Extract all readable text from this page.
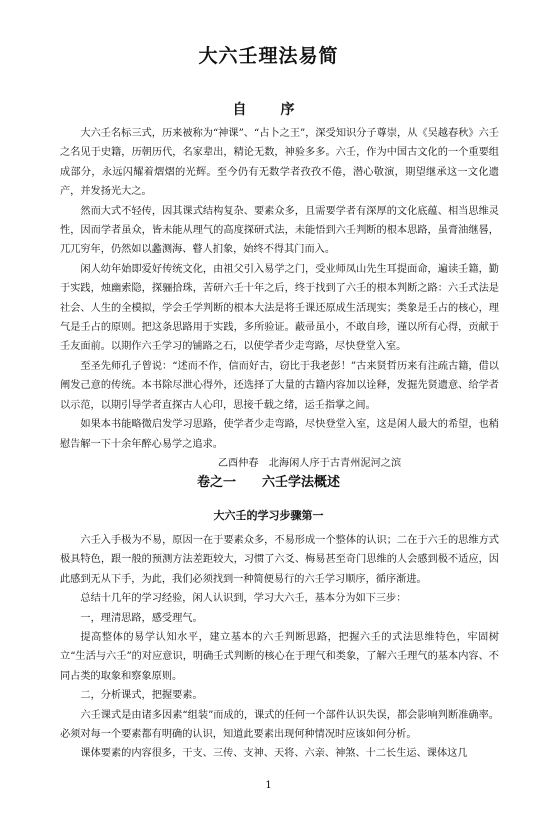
大六壬理法易简
自　序

大六壬名标三式，历来被称为“神课”、“占卜之王”，深受知识分子尊崇，从《吴越春秋》六壬之名见于史籍，历朝历代，名家辈出，精论无数，神验多多。六壬，作为中国古文化的一个重要组成部分，永远闪耀着熠熠的光辉。至今仍有无数学者孜孜不倦，潜心敬演，期望继承这一文化遗产，并发扬光大之。

然而大式不轻传，因其课式结构复杂、要素众多，且需要学者有深厚的文化底蕴、相当思维灵性，因而学者虽众，皆未能从理气的高度探研式法，未能悟到六壬判断的根本思路，虽膏油继晷，兀兀穷年，仍然如以蠡测海、瞽人扪象，始终不得其门而入。

闲人幼年始即爱好传统文化，由祖父引入易学之门，受业师凤山先生耳提面命，遍读壬籍，勤于实践，烛幽索隐，探骊拾珠，苦研六壬十年之后，终于找到了六壬的根本判断之路：六壬式法是社会、人生的全模拟，学会壬学判断的根本大法是将壬课还原成生活现实；类象是壬占的核心，理气是壬占的原则。把这条思路用于实践，多所验证。蔽帚虽小，不敢自珍，谨以所有心得，贡献于壬友面前。以期作六壬学习的铺路之石，以使学者少走弯路，尽快登堂入室。

至圣先师孔子曾说：“述而不作，信而好古，窃比于我老彭！”古来贤哲历来有注疏古籍，借以阐发己意的传统。本书除尽泄心得外，还选择了大量的古籍内容加以诠释，发掘先贤遗意、给学者以示范，以期引导学者直探古人心印，思接千载之绪，运壬指掌之间。

如果本书能略微启发学习思路，使学者少走弯路，尽快登堂入室，这是闲人最大的希望，也稍慰告解一下十余年醉心易学之追求。

乙酉仲春　北海闲人序于古青州泥河之滨

卷之一　　六壬学法概述
大六壬的学习步骤第一

六壬入手极为不易，原因一在于要素众多，不易形成一个整体的认识；二在于六壬的思维方式极具特色，跟一般的预测方法差距较大，习惯了六爻、梅易甚至奇门思维的人会感到极不适应，因此感到无从下手，为此，我们必须找到一种简便易行的六壬学习顺序，循序渐进。

总结十几年的学习经验，闲人认识到，学习大六壬，基本分为如下三步：

一，理清思路，感受理气。

提高整体的易学认知水平，建立基本的六壬判断思路，把握六壬的式法思维特色，牢固树立“生活与六壬”的对应意识，明确壬式判断的核心在于理气和类象，了解六壬理气的基本内容、不同占类的取象和察象原则。

二，分析课式，把握要素。

六壬课式是由诸多因素“组装”而成的，课式的任何一个部件认识失误，都会影响判断准确率。必须对每一个要素都有明确的认识，知道此要素出现何种情况时应该如何分析。

课体要素的内容很多，干支、三传、支神、天将、六亲、神煞、十二长生运、课体这几

1
